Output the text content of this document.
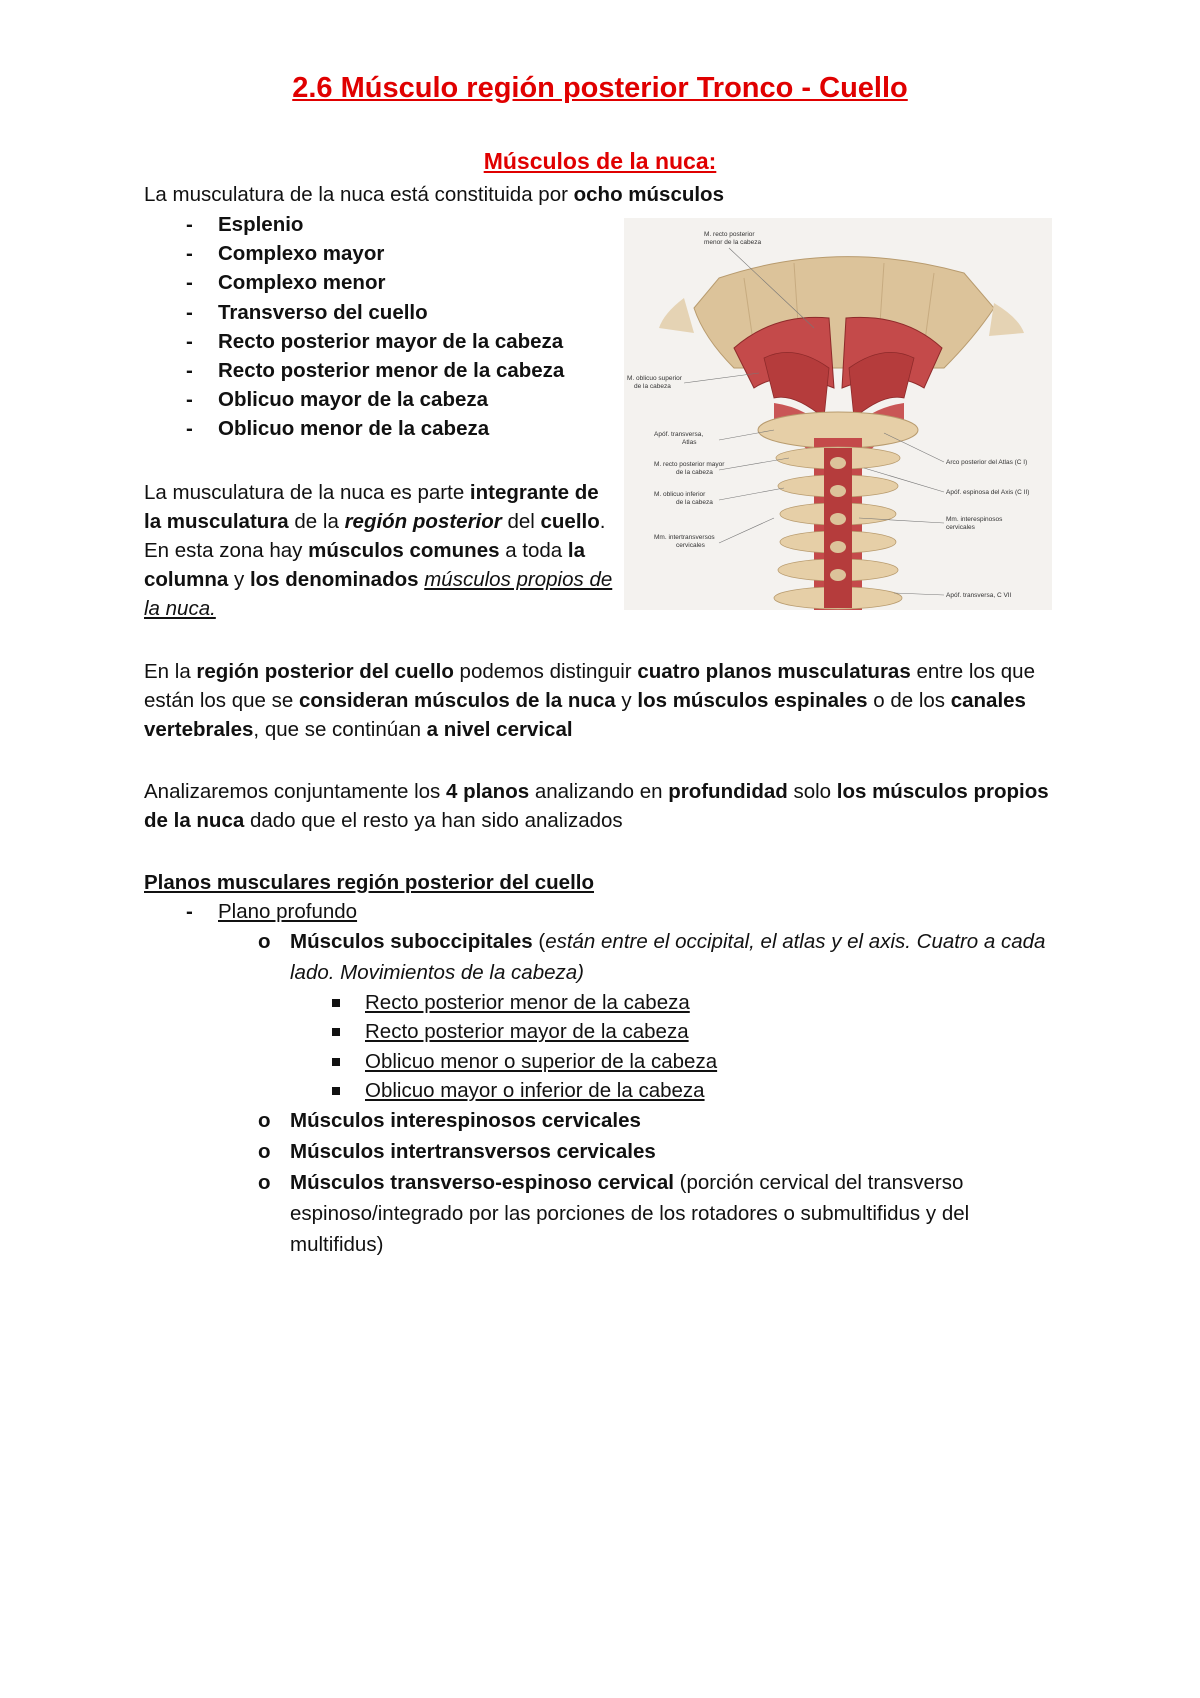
2.6 Músculo región posterior Tronco - Cuello
Músculos de la nuca:
La musculatura de la nuca está constituida por ocho músculos
- Esplenio
- Complexo mayor
- Complexo menor
- Transverso del cuello
- Recto posterior mayor de la cabeza
- Recto posterior menor de la cabeza
- Oblicuo mayor de la cabeza
- Oblicuo menor de la cabeza
La musculatura de la nuca es parte integrante de la musculatura de la región posterior del cuello. En esta zona hay músculos comunes a toda la columna y los denominados músculos propios de la nuca.
En la región posterior del cuello podemos distinguir cuatro planos musculaturas entre los que están los que se consideran músculos de la nuca y los músculos espinales o de los canales vertebrales, que se continúan a nivel cervical
Analizaremos conjuntamente los 4 planos analizando en profundidad solo los músculos propios de la nuca dado que el resto ya han sido analizados
Planos musculares región posterior del cuello
- Plano profundo
o Músculos suboccipitales (están entre el occipital, el atlas y el axis. Cuatro a cada lado. Movimientos de la cabeza)
Recto posterior menor de la cabeza
Recto posterior mayor de la cabeza
Oblicuo menor o superior de la cabeza
Oblicuo mayor o inferior de la cabeza
o Músculos interespinosos cervicales
o Músculos intertransversos cervicales
o Músculos transverso-espinoso cervical (porción cervical del transverso espinoso/integrado por las porciones de los rotadores o submultifidus y del multifidus)
M. recto posterior
menor de la cabeza
M. oblicuo superior
de la cabeza
Apóf. transversa,
Atlas
M. recto posterior mayor
de la cabeza
M. oblicuo inferior
de la cabeza
Mm. intertransversos
cervicales
Arco posterior del Atlas (C I)
Apóf. espinosa del Axis (C II)
Mm. interespinosos
cervicales
Apóf. transversa, C VII
